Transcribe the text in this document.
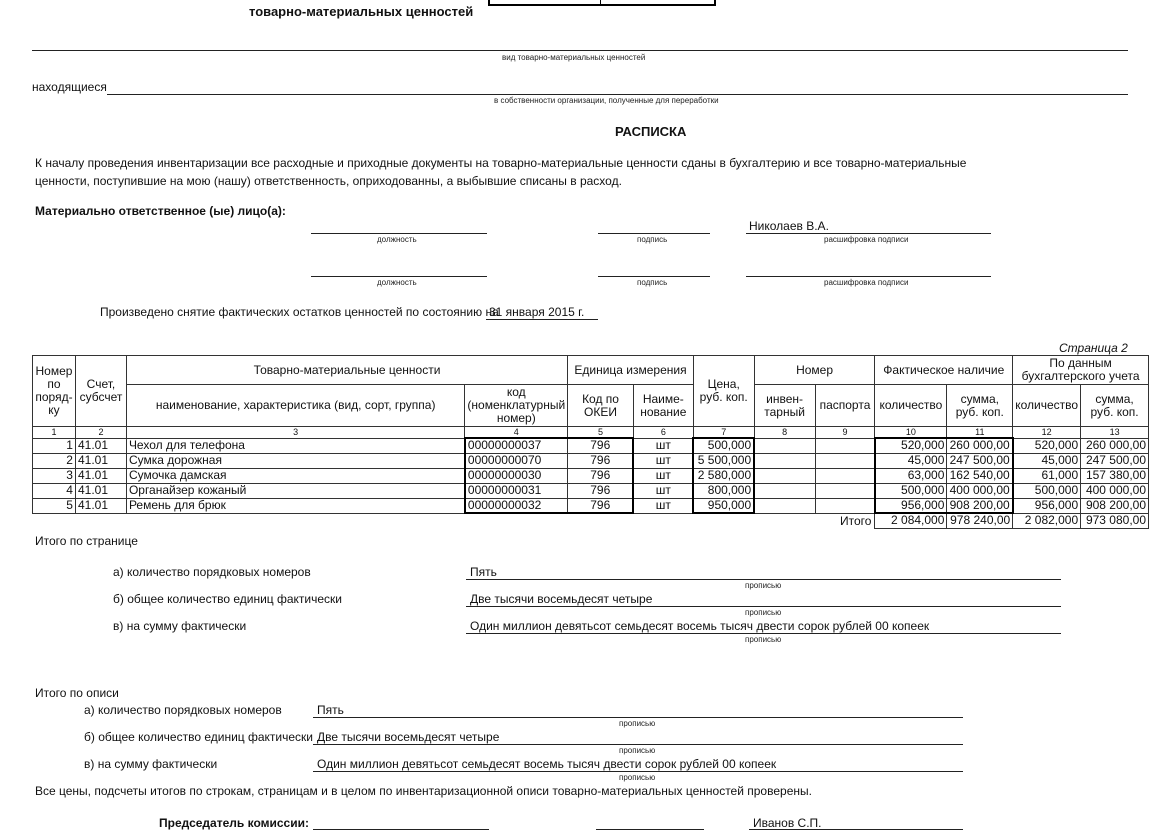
товарно-материальных ценностей
вид товарно-материальных ценностей
находящиеся
в собственности организации, полученные для переработки
РАСПИСКА
К началу проведения инвентаризации все расходные и приходные документы на товарно-материальные ценности сданы в бухгалтерию и все товарно-материальные
ценности, поступившие на мою (нашу) ответственность, оприходованны, а выбывшие списаны в расход.
Материально ответственное (ые) лицо(а):
Николаев В.А.
должность	подпись	расшифровка подписи
должность	подпись	расшифровка подписи
Произведено снятие фактических остатков ценностей по состоянию на
31 января 2015 г.
Страница 2
Номер по поряд-ку	Счет, субсчет	Товарно-материальные ценности		Единица измерения		Цена, руб. коп.	Номер		Фактическое наличие		По данным бухгалтерского учета	
		наименование, характеристика (вид, сорт, группа)	код (номенклатурный номер)	Код по ОКЕИ	Наиме-нование		инвен-тарный	паспорта	количество	сумма, руб. коп.	количество	сумма, руб. коп.
1	2	3	4	5	6	7	8	9	10	11	12	13
1	41.01	Чехол для телефона	00000000037	796	шт	500,000			520,000	260 000,00	520,000	260 000,00
2	41.01	Сумка дорожная	00000000070	796	шт	5 500,000			45,000	247 500,00	45,000	247 500,00
3	41.01	Сумочка дамская	00000000030	796	шт	2 580,000			63,000	162 540,00	61,000	157 380,00
4	41.01	Органайзер кожаный	00000000031	796	шт	800,000			500,000	400 000,00	500,000	400 000,00
5	41.01	Ремень для брюк	00000000032	796	шт	950,000			956,000	908 200,00	956,000	908 200,00
Итого									2 084,000	978 240,00	2 082,000	973 080,00
Итого по странице
а) количество порядковых номеров	Пять
прописью
б) общее количество единиц фактически	Две тысячи восемьдесят четыре
прописью
в) на сумму фактически	Один миллион девятьсот семьдесят восемь тысяч двести сорок рублей 00 копеек
прописью
Итого по описи
а) количество порядковых номеров	Пять
прописью
б) общее количество единиц фактически Две тысячи восемьдесят четыре
прописью
в) на сумму фактически	Один миллион девятьсот семьдесят восемь тысяч двести сорок рублей 00 копеек
прописью
Все цены, подсчеты итогов по строкам, страницам и в целом по инвентаризационной описи товарно-материальных ценностей проверены.
Председатель комиссии:	Иванов С.П.
